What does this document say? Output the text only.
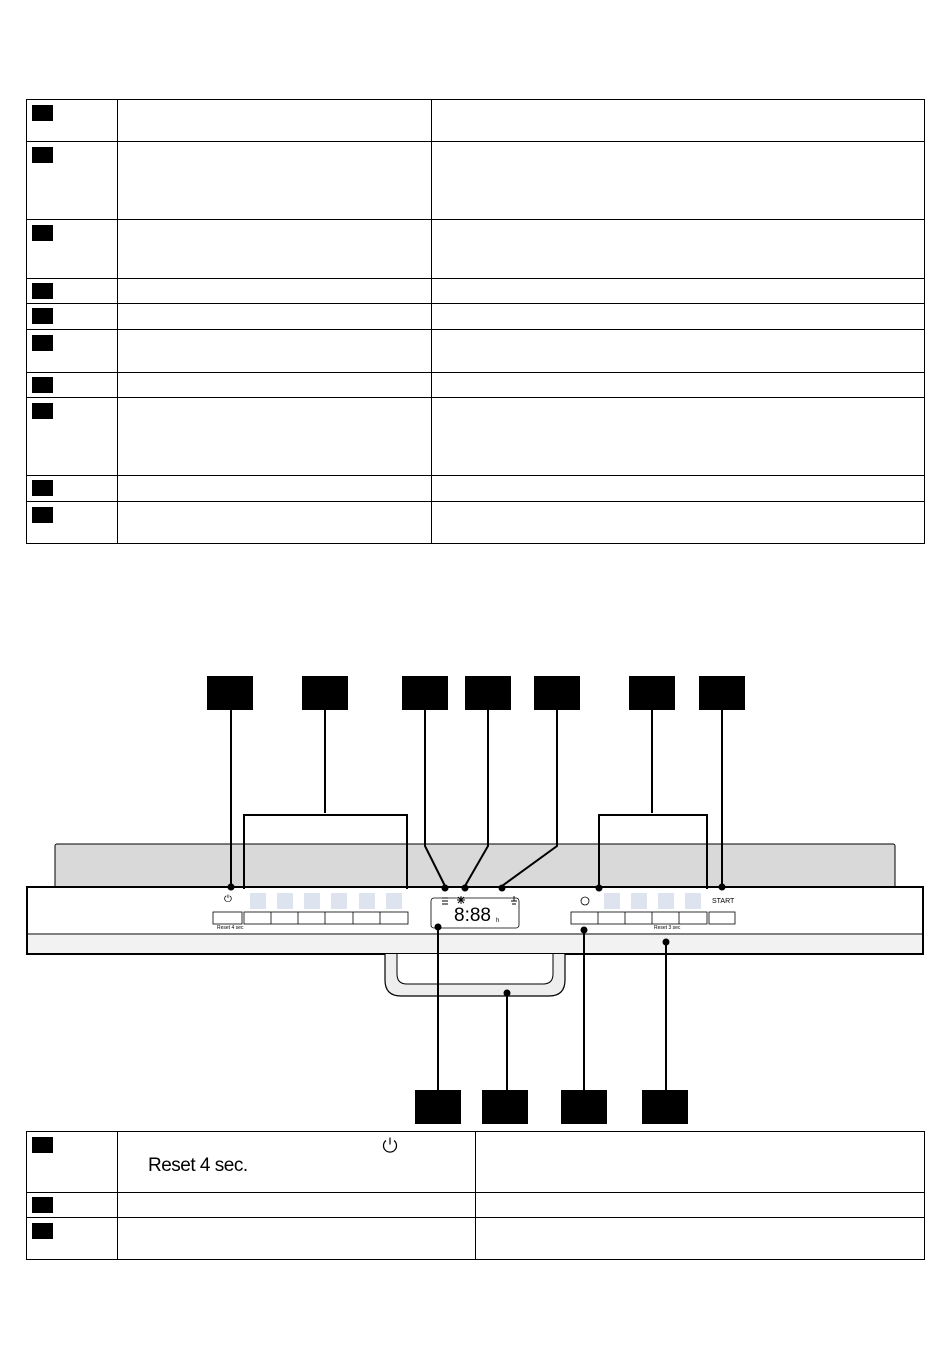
⏻
Reset 4 sec
8:88 h
Reset 3 sec
START

	Reset 4 sec.	
